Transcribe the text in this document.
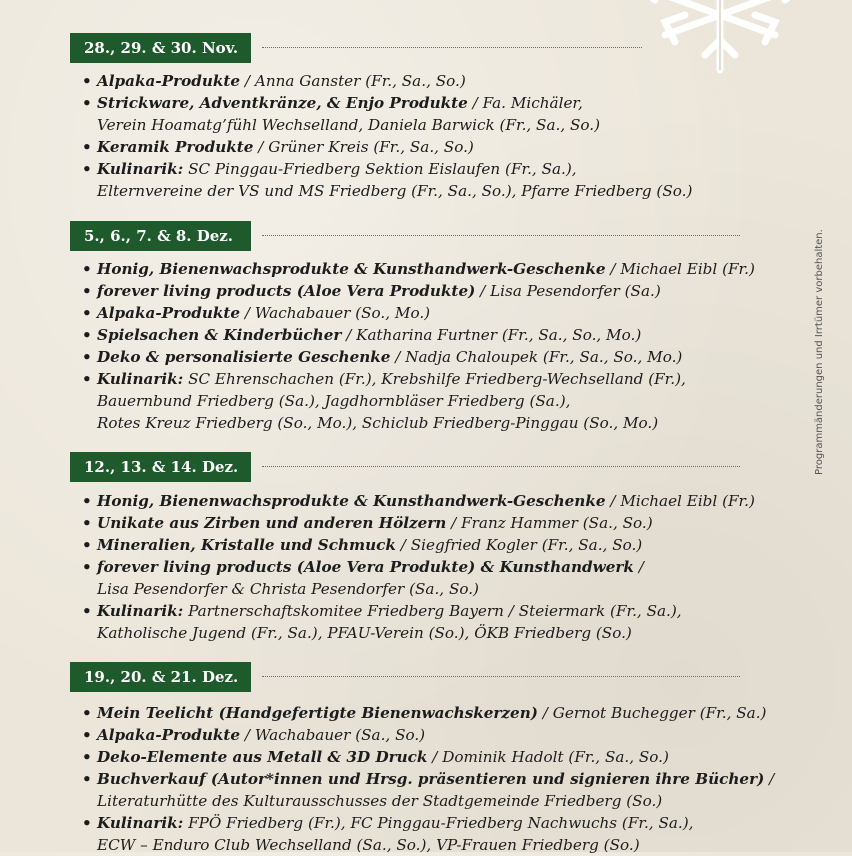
28., 29. & 30. Nov.
• Alpaka-Produkte / Anna Ganster (Fr., Sa., So.)
• Strickware, Adventkränze, & Enjo Produkte / Fa. Michäler,
Verein Hoamatg’fühl Wechselland, Daniela Barwick (Fr., Sa., So.)
• Keramik Produkte / Grüner Kreis (Fr., Sa., So.)
• Kulinarik: SC Pinggau-Friedberg Sektion Eislaufen (Fr., Sa.),
Elternvereine der VS und MS Friedberg (Fr., Sa., So.), Pfarre Friedberg (So.)
5., 6., 7. & 8. Dez.
• Honig, Bienenwachsprodukte & Kunsthandwerk-Geschenke / Michael Eibl (Fr.)
• forever living products (Aloe Vera Produkte) / Lisa Pesendorfer (Sa.)
• Alpaka-Produkte / Wachabauer (So., Mo.)
• Spielsachen & Kinderbücher / Katharina Furtner (Fr., Sa., So., Mo.)
• Deko & personalisierte Geschenke / Nadja Chaloupek (Fr., Sa., So., Mo.)
• Kulinarik: SC Ehrenschachen (Fr.), Krebshilfe Friedberg-Wechselland (Fr.),
Bauernbund Friedberg (Sa.), Jagdhornbläser Friedberg (Sa.),
Rotes Kreuz Friedberg (So., Mo.), Schiclub Friedberg-Pinggau (So., Mo.)
12., 13. & 14. Dez.
• Honig, Bienenwachsprodukte & Kunsthandwerk-Geschenke / Michael Eibl (Fr.)
• Unikate aus Zirben und anderen Hölzern / Franz Hammer (Sa., So.)
• Mineralien, Kristalle und Schmuck / Siegfried Kogler (Fr., Sa., So.)
• forever living products (Aloe Vera Produkte) & Kunsthandwerk /
Lisa Pesendorfer & Christa Pesendorfer (Sa., So.)
• Kulinarik: Partnerschaftskomitee Friedberg Bayern / Steiermark (Fr., Sa.),
Katholische Jugend (Fr., Sa.), PFAU-Verein (So.), ÖKB Friedberg (So.)
19., 20. & 21. Dez.
• Mein Teelicht (Handgefertigte Bienenwachskerzen) / Gernot Buchegger (Fr., Sa.)
• Alpaka-Produkte / Wachabauer (Sa., So.)
• Deko-Elemente aus Metall & 3D Druck / Dominik Hadolt (Fr., Sa., So.)
• Buchverkauf (Autor*innen und Hrsg. präsentieren und signieren ihre Bücher) /
Literaturhütte des Kulturausschusses der Stadtgemeinde Friedberg (So.)
• Kulinarik: FPÖ Friedberg (Fr.), FC Pinggau-Friedberg Nachwuchs (Fr., Sa.),
ECW – Enduro Club Wechselland (Sa., So.), VP-Frauen Friedberg (So.)
Programmänderungen und Irrtümer vorbehalten.
